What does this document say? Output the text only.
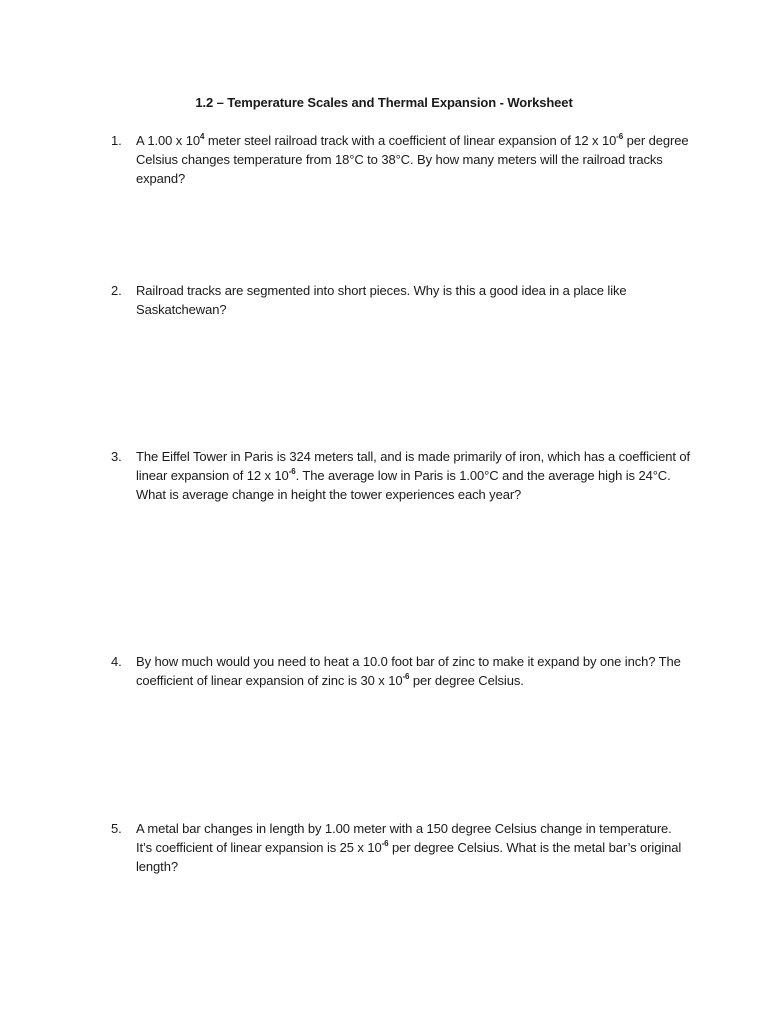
1.2 – Temperature Scales and Thermal Expansion - Worksheet
1.	A 1.00 x $10^4$ meter steel railroad track with a coefficient of linear expansion of 12 x $10^{-6}$ per degree Celsius changes temperature from 18°C to 38°C. By how many meters will the railroad tracks expand?
2.	Railroad tracks are segmented into short pieces. Why is this a good idea in a place like Saskatchewan?
3.	The Eiffel Tower in Paris is 324 meters tall, and is made primarily of iron, which has a coefficient of linear expansion of 12 x $10^{-6}$. The average low in Paris is 1.00°C and the average high is 24°C. What is average change in height the tower experiences each year?
4.	By how much would you need to heat a 10.0 foot bar of zinc to make it expand by one inch? The coefficient of linear expansion of zinc is 30 x $10^{-6}$ per degree Celsius.
5.	A metal bar changes in length by 1.00 meter with a 150 degree Celsius change in temperature. It’s coefficient of linear expansion is 25 x $10^{-6}$ per degree Celsius. What is the metal bar’s original length?
